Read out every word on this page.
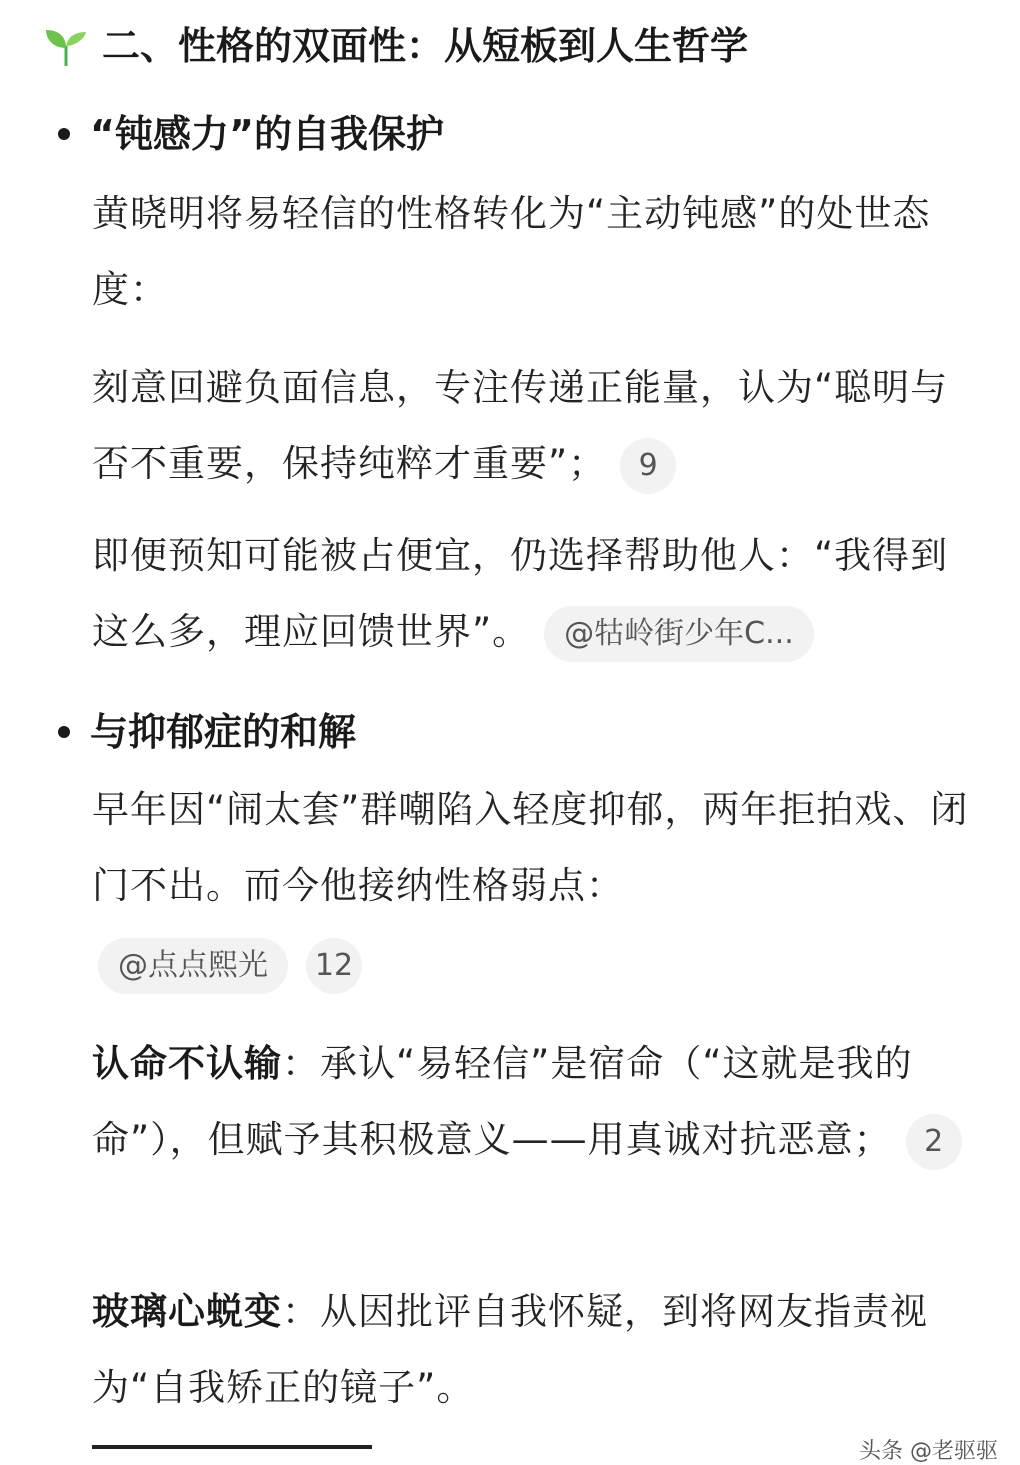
二、性格的双面性：从短板到人生哲学
“钝感力”的自我保护
黄晓明将易轻信的性格转化为“主动钝感”的处世态度：
刻意回避负面信息，专注传递正能量，认为“聪明与否不重要，保持纯粹才重要”； 9
即便预知可能被占便宜，仍选择帮助他人：“我得到这么多，理应回馈世界”。 @牯岭街少年C...
与抑郁症的和解
早年因“闹太套”群嘲陷入轻度抑郁，两年拒拍戏、闭门不出。而今他接纳性格弱点：
@点点熙光	12
认命不认输：承认“易轻信”是宿命（“这就是我的命”），但赋予其积极意义——用真诚对抗恶意； 2
玻璃心蜕变：从因批评自我怀疑，到将网友指责视为“自我矫正的镜子”。
头条 @老驱驱
